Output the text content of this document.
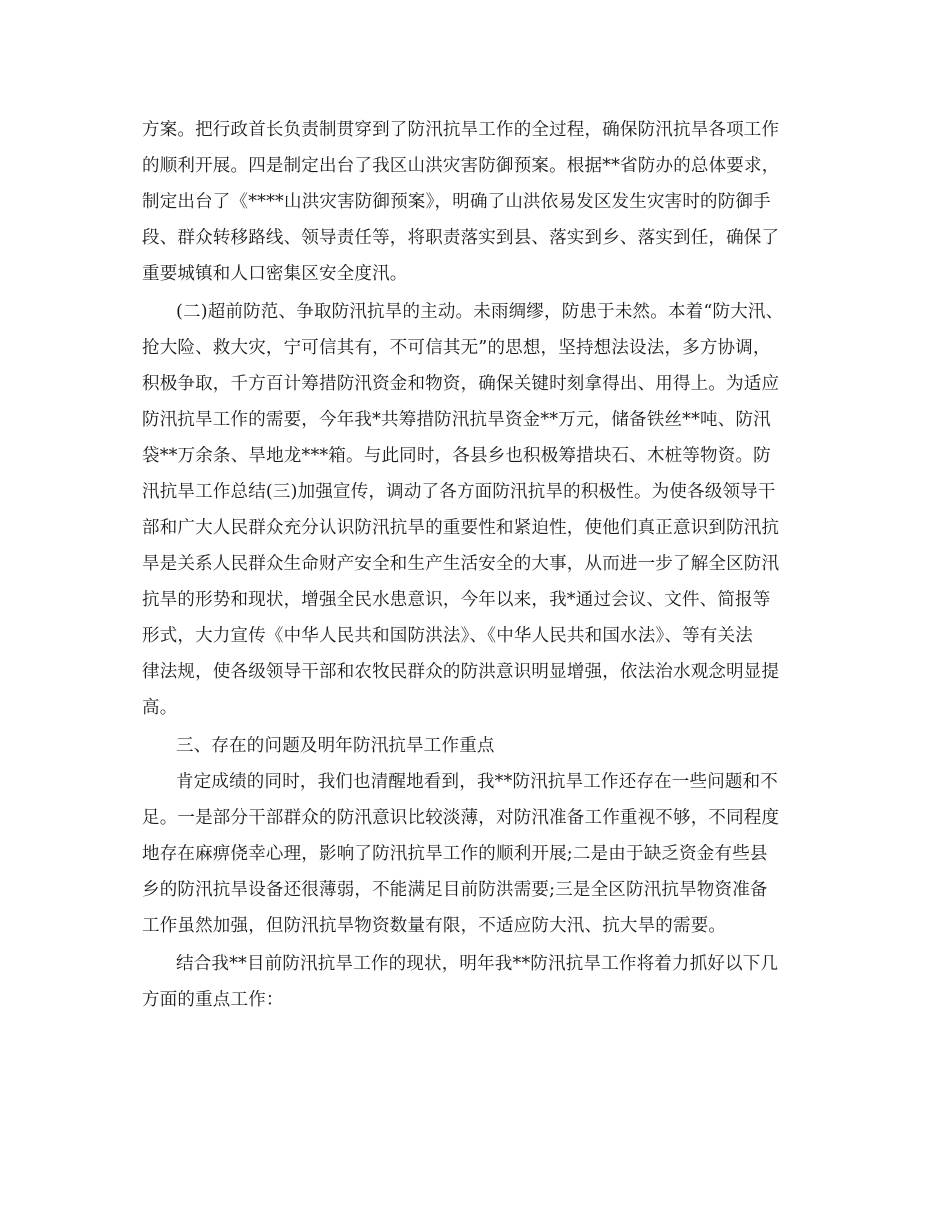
方案。把行政首长负责制贯穿到了防汛抗旱工作的全过程，确保防汛抗旱各项工作
的顺利开展。四是制定出台了我区山洪灾害防御预案。根据**省防办的总体要求，
制定出台了《****山洪灾害防御预案》，明确了山洪依易发区发生灾害时的防御手
段、群众转移路线、领导责任等，将职责落实到县、落实到乡、落实到任，确保了
重要城镇和人口密集区安全度汛。
(二)超前防范、争取防汛抗旱的主动。未雨绸缪，防患于未然。本着“防大汛、
抢大险、救大灾，宁可信其有，不可信其无”的思想，坚持想法设法，多方协调，
积极争取，千方百计筹措防汛资金和物资，确保关键时刻拿得出、用得上。为适应
防汛抗旱工作的需要，今年我*共筹措防汛抗旱资金**万元，储备铁丝**吨、防汛
袋**万余条、旱地龙***箱。与此同时，各县乡也积极筹措块石、木桩等物资。防
汛抗旱工作总结(三)加强宣传，调动了各方面防汛抗旱的积极性。为使各级领导干
部和广大人民群众充分认识防汛抗旱的重要性和紧迫性，使他们真正意识到防汛抗
旱是关系人民群众生命财产安全和生产生活安全的大事，从而进一步了解全区防汛
抗旱的形势和现状，增强全民水患意识，今年以来，我*通过会议、文件、简报等
形式，大力宣传《中华人民共和国防洪法》、《中华人民共和国水法》、等有关法
律法规，使各级领导干部和农牧民群众的防洪意识明显增强，依法治水观念明显提
高。
三、存在的问题及明年防汛抗旱工作重点
肯定成绩的同时，我们也清醒地看到，我**防汛抗旱工作还存在一些问题和不
足。一是部分干部群众的防汛意识比较淡薄，对防汛准备工作重视不够，不同程度
地存在麻痹侥幸心理，影响了防汛抗旱工作的顺利开展;二是由于缺乏资金有些县
乡的防汛抗旱设备还很薄弱，不能满足目前防洪需要;三是全区防汛抗旱物资准备
工作虽然加强，但防汛抗旱物资数量有限，不适应防大汛、抗大旱的需要。
结合我**目前防汛抗旱工作的现状，明年我**防汛抗旱工作将着力抓好以下几
方面的重点工作：
